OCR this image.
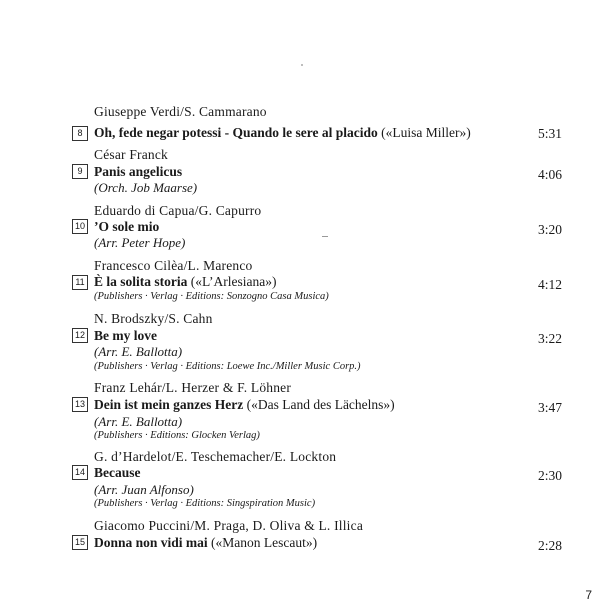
Giuseppe Verdi/S. Cammarano
8 Oh, fede negar potessi - Quando le sere al placido («Luisa Miller»)	5:31
César Franck
9 Panis angelicus
(Orch. Job Maarse)
4:06
Eduardo di Capua/G. Capurro
10 ’O sole mio
(Arr. Peter Hope)
3:20
Francesco Cilèa/L. Marenco
11 È la solita storia («L’Arlesiana»)
(Publishers · Verlag · Editions: Sonzogno Casa Musica)
4:12
N. Brodszky/S. Cahn
12 Be my love
(Arr. E. Ballotta)
(Publishers · Verlag · Editions: Loewe Inc./Miller Music Corp.)
3:22
Franz Lehár/L. Herzer & F. Löhner
13 Dein ist mein ganzes Herz («Das Land des Lächelns»)
(Arr. E. Ballotta)
(Publishers · Editions: Glocken Verlag)
3:47
G. d’Hardelot/E. Teschemacher/E. Lockton
14 Because
(Arr. Juan Alfonso)
(Publishers · Verlag · Editions: Singspiration Music)
2:30
Giacomo Puccini/M. Praga, D. Oliva & L. Illica
15 Donna non vidi mai («Manon Lescaut»)	2:28
7
